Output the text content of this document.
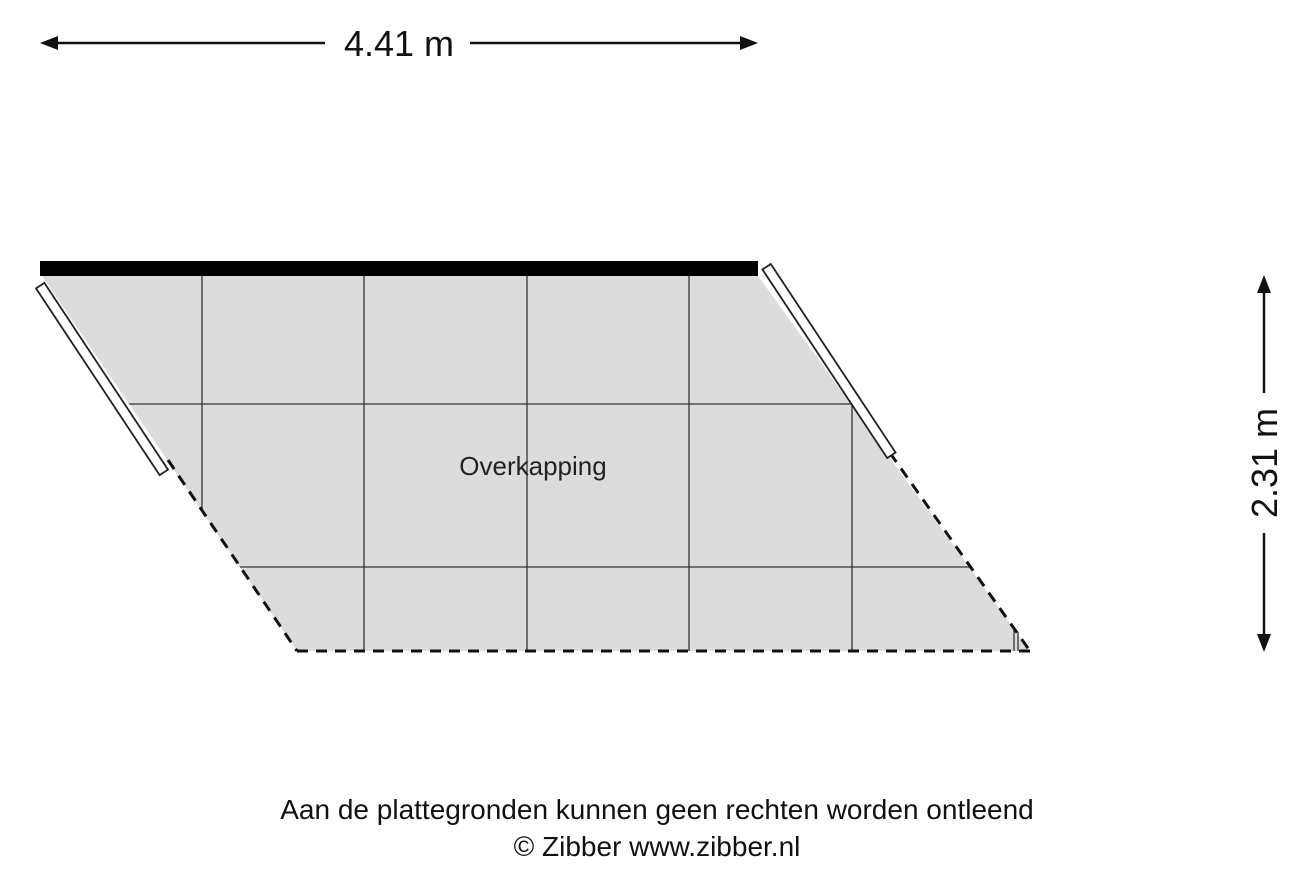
4.41 m
2.31 m
Overkapping
Aan de plattegronden kunnen geen rechten worden ontleend
© Zibber www.zibber.nl
